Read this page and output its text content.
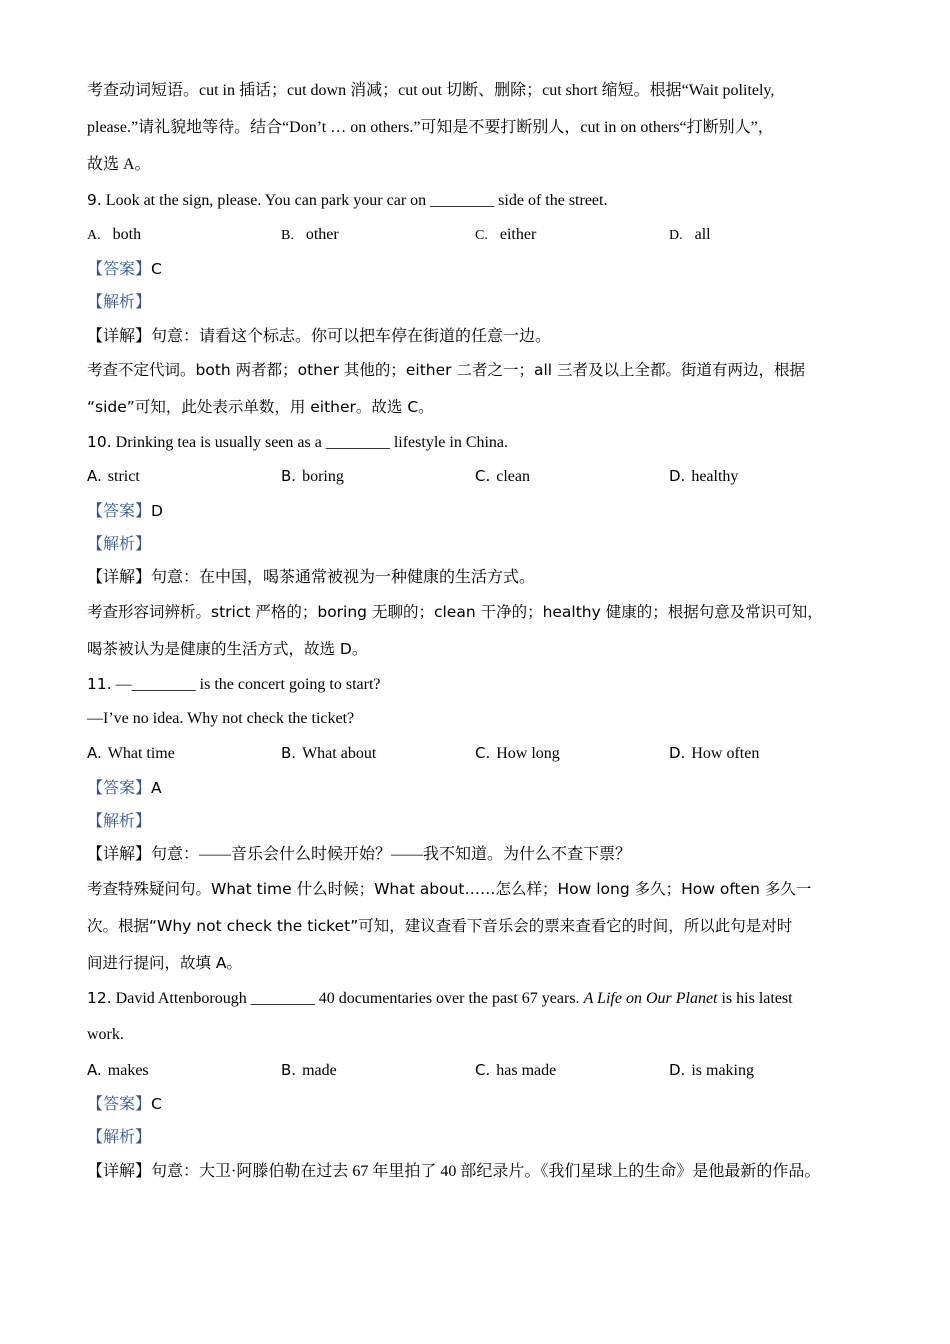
考查动词短语。cut in 插话；cut down 消减；cut out 切断、删除；cut short 缩短。根据“Wait politely,
please.”请礼貌地等待。结合“Don’t … on others.”可知是不要打断别人，cut in on others“打断别人”，
故选 A。
9. Look at the sign, please. You can park your car on ________ side of the street.
A. both	B. other	C. either	D. all
【答案】C
【解析】
【详解】句意：请看这个标志。你可以把车停在街道的任意一边。
考查不定代词。both 两者都；other 其他的；either 二者之一；all 三者及以上全都。街道有两边，根据
“side”可知，此处表示单数，用 either。故选 C。
10. Drinking tea is usually seen as a ________ lifestyle in China.
A. strict	B. boring	C. clean	D. healthy
【答案】D
【解析】
【详解】句意：在中国，喝茶通常被视为一种健康的生活方式。
考查形容词辨析。strict 严格的；boring 无聊的；clean 干净的；healthy 健康的；根据句意及常识可知，
喝茶被认为是健康的生活方式，故选 D。
11. —________ is the concert going to start?
—I’ve no idea. Why not check the ticket?
A. What time	B. What about	C. How long	D. How often
【答案】A
【解析】
【详解】句意：——音乐会什么时候开始？——我不知道。为什么不查下票？
考查特殊疑问句。What time 什么时候；What about……怎么样；How long 多久；How often 多久一
次。根据“Why not check the ticket”可知，建议查看下音乐会的票来查看它的时间，所以此句是对时
间进行提问，故填 A。
12. David Attenborough ________ 40 documentaries over the past 67 years. A Life on Our Planet is his latest
work.
A. makes	B. made	C. has made	D. is making
【答案】C
【解析】
【详解】句意：大卫·阿滕伯勒在过去 67 年里拍了 40 部纪录片。《我们星球上的生命》是他最新的作品。
